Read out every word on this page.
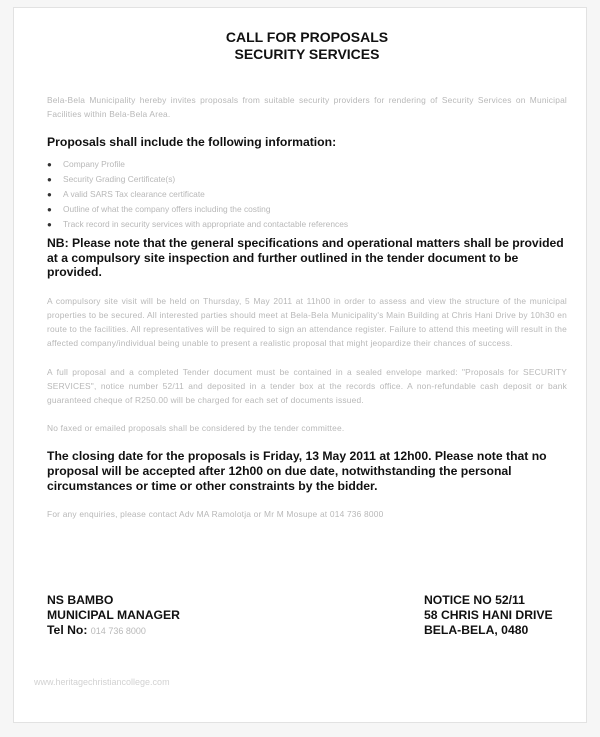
CALL FOR PROPOSALS
SECURITY SERVICES

Bela-Bela Municipality hereby invites proposals from suitable security providers for rendering of Security Services on Municipal Facilities within Bela-Bela Area.

Proposals shall include the following information:

● Company Profile
● Security Grading Certificate(s)
● A valid SARS Tax clearance certificate
● Outline of what the company offers including the costing
● Track record in security services with appropriate and contactable references

NB: Please note that the general specifications and operational matters shall be provided at a compulsory site inspection and further outlined in the tender document to be provided.

A compulsory site visit will be held on Thursday, 5 May 2011 at 11h00 in order to assess and view the structure of the municipal properties to be secured. All interested parties should meet at Bela-Bela Municipality's Main Building at Chris Hani Drive by 10h30 en route to the facilities. All representatives will be required to sign an attendance register. Failure to attend this meeting will result in the affected company/individual being unable to present a realistic proposal that might jeopardize their chances of success.

A full proposal and a completed Tender document must be contained in a sealed envelope marked: "Proposals for SECURITY SERVICES", notice number 52/11 and deposited in a tender box at the records office. A non-refundable cash deposit or bank guaranteed cheque of R250.00 will be charged for each set of documents issued.

No faxed or emailed proposals shall be considered by the tender committee.

The closing date for the proposals is Friday, 13 May 2011 at 12h00. Please note that no proposal will be accepted after 12h00 on due date, notwithstanding the personal circumstances or time or other constraints by the bidder.

For any enquiries, please contact Adv MA Ramolotja or Mr M Mosupe at 014 736 8000

NS BAMBO
MUNICIPAL MANAGER
Tel No: 014 736 8000
NOTICE NO 52/11
58 CHRIS HANI DRIVE
BELA-BELA, 0480
www.heritagechristiancollege.com
